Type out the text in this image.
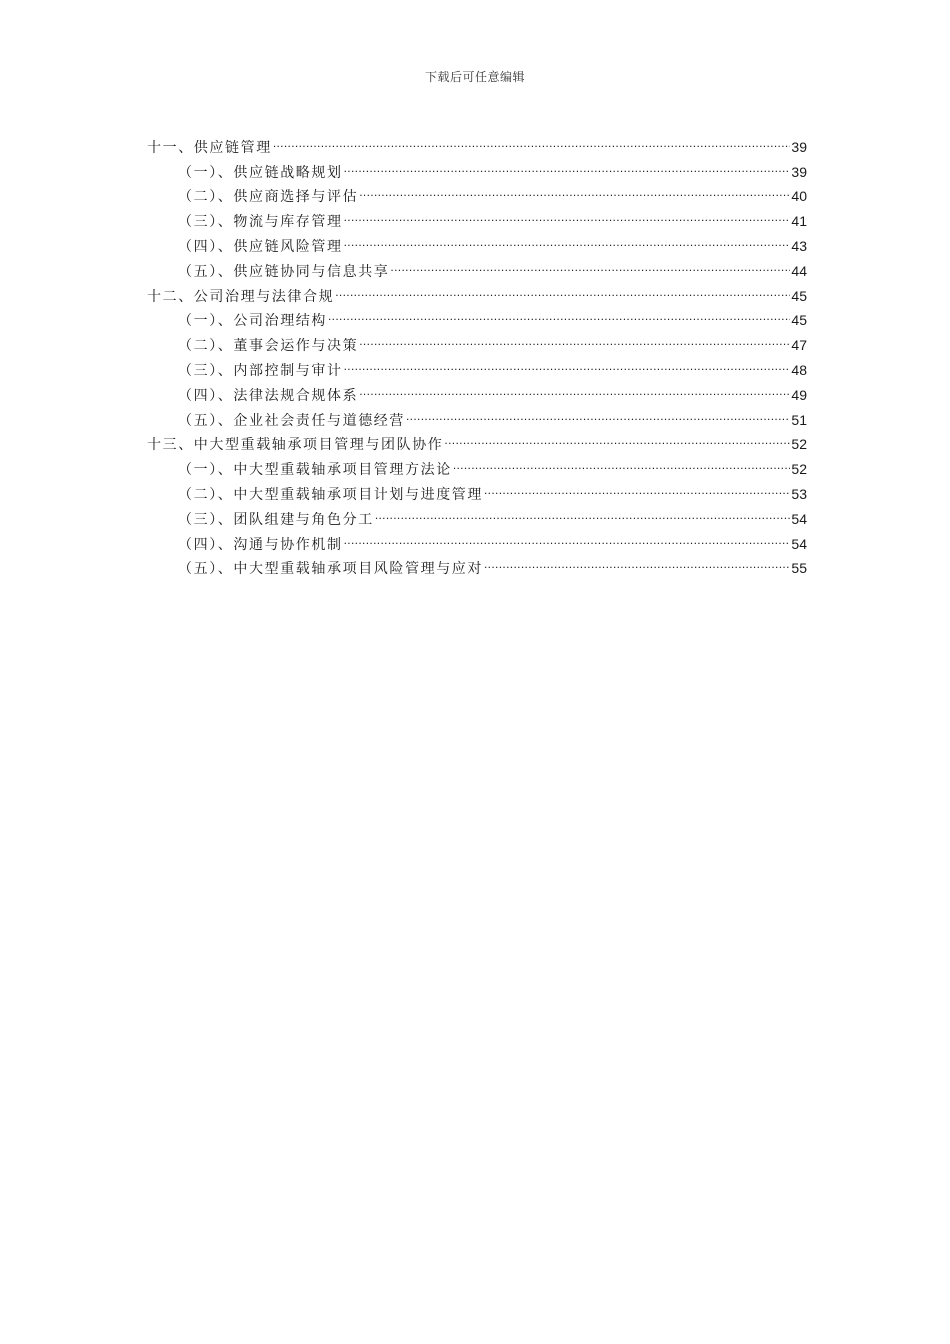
下载后可任意编辑
十一、供应链管理 .....	39
（一）、供应链战略规划 .....	39
（二）、供应商选择与评估 .....	40
（三）、物流与库存管理 .....	41
（四）、供应链风险管理 .....	43
（五）、供应链协同与信息共享 .....	44
十二、公司治理与法律合规 .....	45
（一）、公司治理结构 .....	45
（二）、董事会运作与决策 .....	47
（三）、内部控制与审计 .....	48
（四）、法律法规合规体系 .....	49
（五）、企业社会责任与道德经营 .....	51
十三、中大型重载轴承项目管理与团队协作 .....	52
（一）、中大型重载轴承项目管理方法论 .....	52
（二）、中大型重载轴承项目计划与进度管理 .....	53
（三）、团队组建与角色分工 .....	54
（四）、沟通与协作机制 .....	54
（五）、中大型重载轴承项目风险管理与应对 .....	55
